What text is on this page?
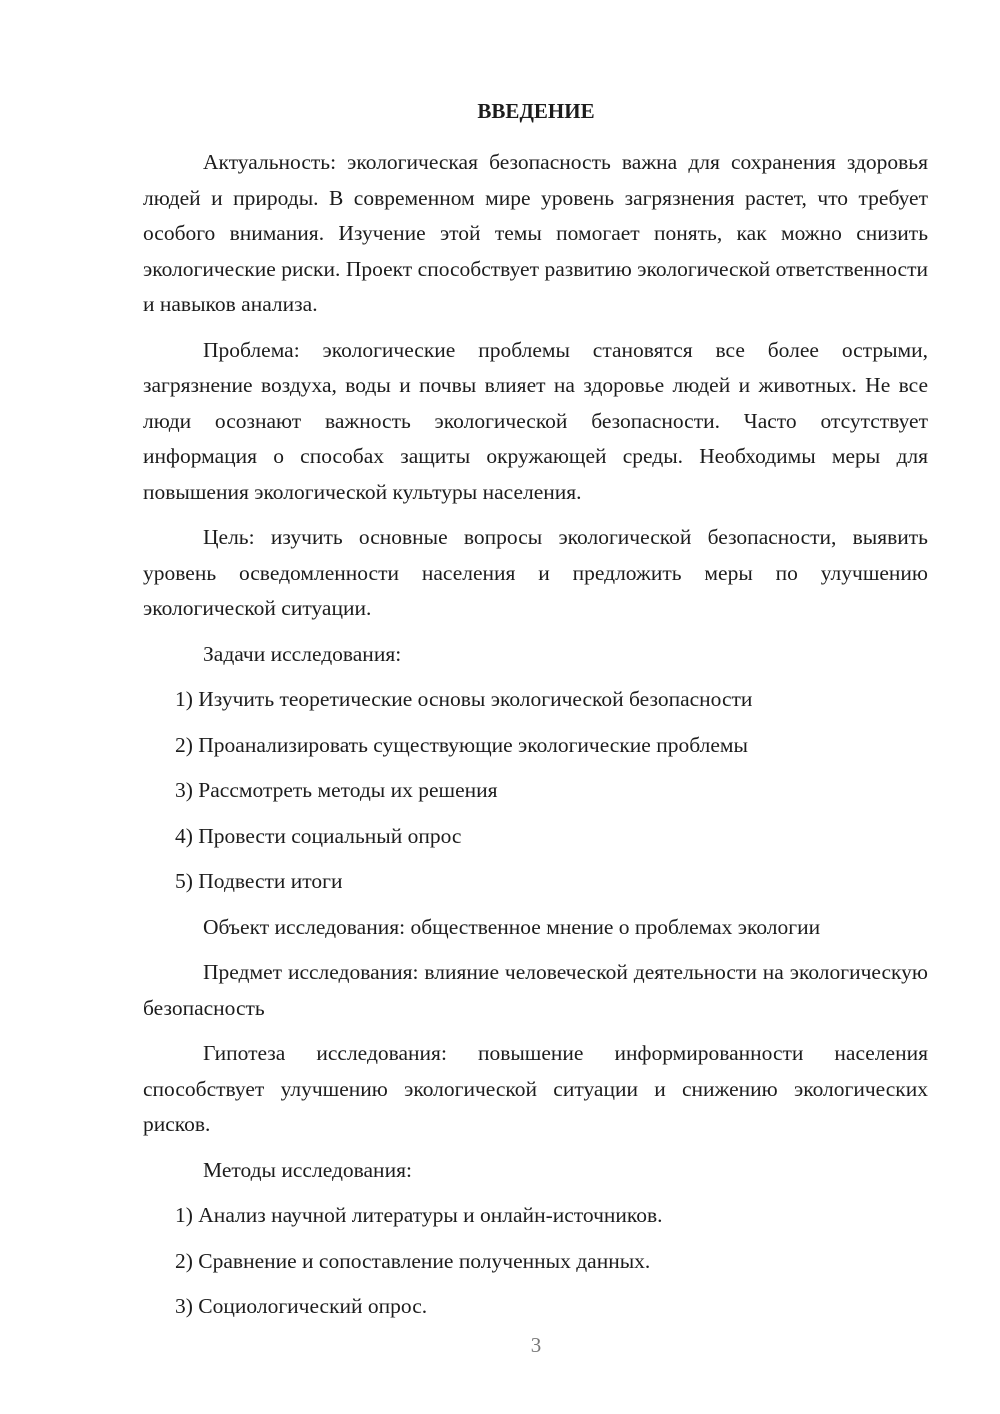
ВВЕДЕНИЕ

Актуальность: экологическая безопасность важна для сохранения здоровья людей и природы. В современном мире уровень загрязнения растет, что требует особого внимания. Изучение этой темы помогает понять, как можно снизить экологические риски. Проект способствует развитию экологической ответственности и навыков анализа.

Проблема: экологические проблемы становятся все более острыми, загрязнение воздуха, воды и почвы влияет на здоровье людей и животных. Не все люди осознают важность экологической безопасности. Часто отсутствует информация о способах защиты окружающей среды. Необходимы меры для повышения экологической культуры населения.

Цель: изучить основные вопросы экологической безопасности, выявить уровень осведомленности населения и предложить меры по улучшению экологической ситуации.

Задачи исследования:

1) Изучить теоретические основы экологической безопасности
2) Проанализировать существующие экологические проблемы
3) Рассмотреть методы их решения
4) Провести социальный опрос
5) Подвести итоги

Объект исследования: общественное мнение о проблемах экологии

Предмет исследования: влияние человеческой деятельности на экологическую безопасность

Гипотеза исследования: повышение информированности населения способствует улучшению экологической ситуации и снижению экологических рисков.

Методы исследования:

1) Анализ научной литературы и онлайн-источников.
2) Сравнение и сопоставление полученных данных.
3) Социологический опрос.
3
